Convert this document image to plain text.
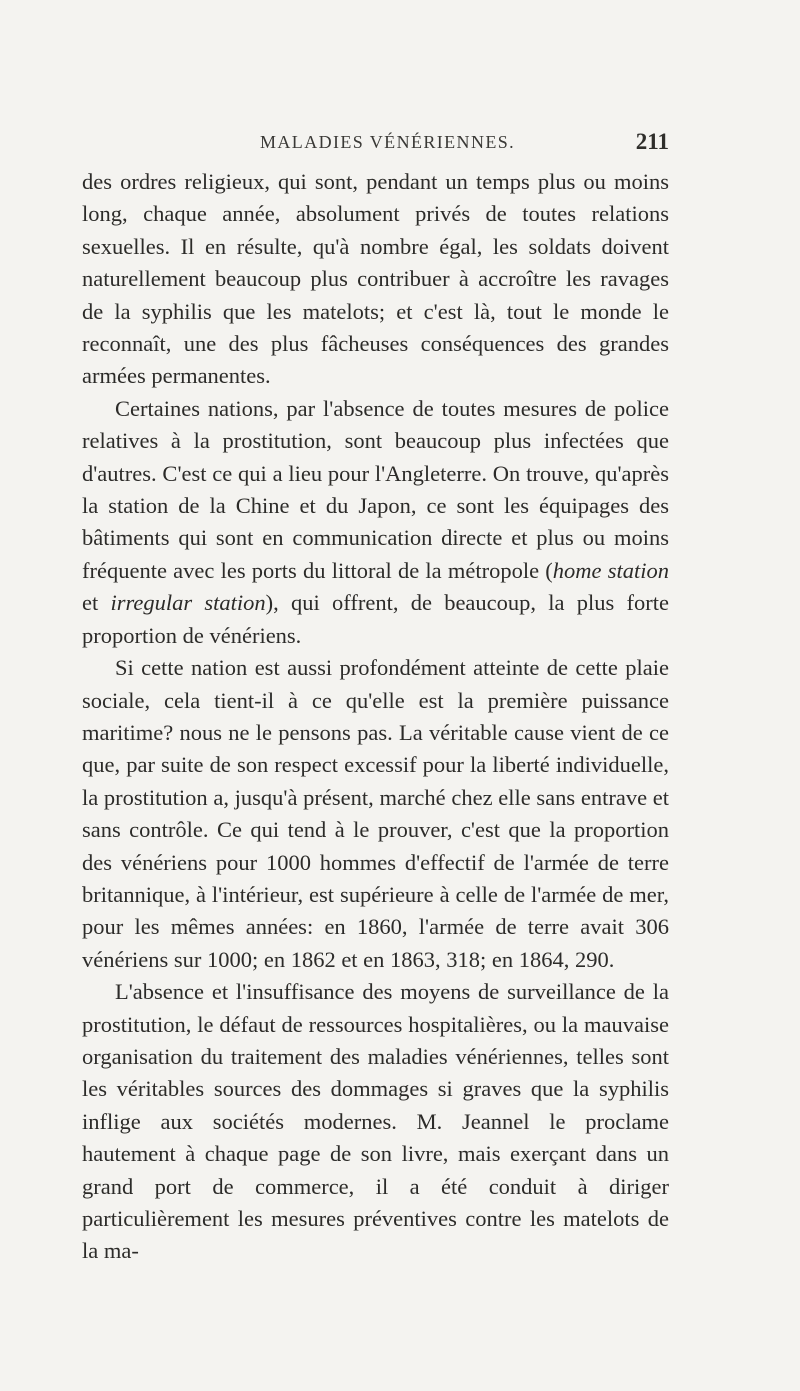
MALADIES VÉNÉRIENNES.	211

des ordres religieux, qui sont, pendant un temps plus ou moins long, chaque année, absolument privés de toutes relations sexuelles. Il en résulte, qu'à nombre égal, les soldats doivent naturellement beaucoup plus contribuer à accroître les ravages de la syphilis que les matelots; et c'est là, tout le monde le reconnaît, une des plus fâcheuses conséquences des grandes armées permanentes.

Certaines nations, par l'absence de toutes mesures de police relatives à la prostitution, sont beaucoup plus infectées que d'autres. C'est ce qui a lieu pour l'Angleterre. On trouve, qu'après la station de la Chine et du Japon, ce sont les équipages des bâtiments qui sont en communication directe et plus ou moins fréquente avec les ports du littoral de la métropole (home station et irregular station), qui offrent, de beaucoup, la plus forte proportion de vénériens.

Si cette nation est aussi profondément atteinte de cette plaie sociale, cela tient-il à ce qu'elle est la première puissance maritime? nous ne le pensons pas. La véritable cause vient de ce que, par suite de son respect excessif pour la liberté individuelle, la prostitution a, jusqu'à présent, marché chez elle sans entrave et sans contrôle. Ce qui tend à le prouver, c'est que la proportion des vénériens pour 1000 hommes d'effectif de l'armée de terre britannique, à l'intérieur, est supérieure à celle de l'armée de mer, pour les mêmes années: en 1860, l'armée de terre avait 306 vénériens sur 1000; en 1862 et en 1863, 318; en 1864, 290.

L'absence et l'insuffisance des moyens de surveillance de la prostitution, le défaut de ressources hospitalières, ou la mauvaise organisation du traitement des maladies vénériennes, telles sont les véritables sources des dommages si graves que la syphilis inflige aux sociétés modernes. M. Jeannel le proclame hautement à chaque page de son livre, mais exerçant dans un grand port de commerce, il a été conduit à diriger particulièrement les mesures préventives contre les matelots de la ma-
